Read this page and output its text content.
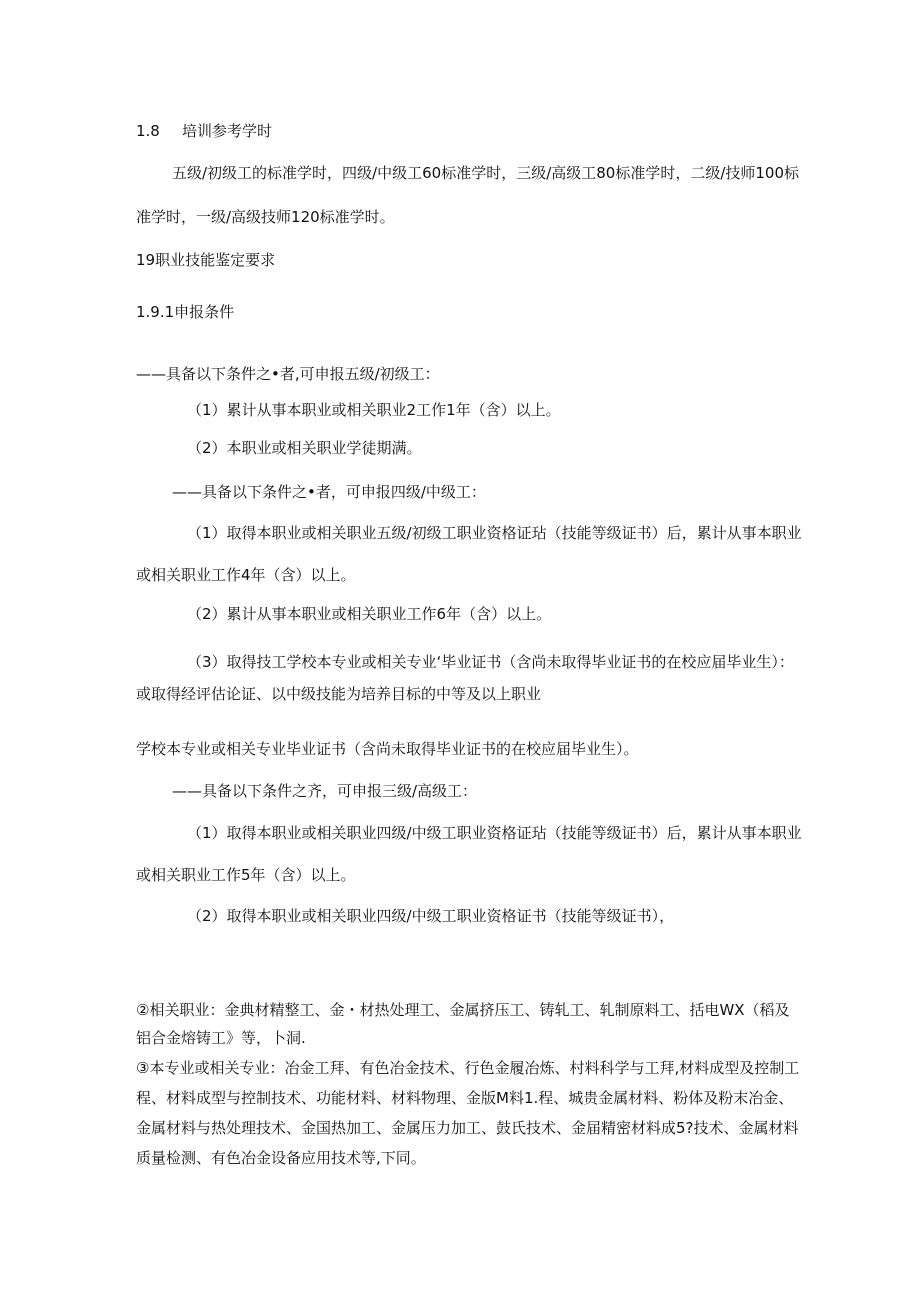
1.8 培训参考学时
五级/初级工的标准学时，四级/中级工60标准学时，三级/高级工80标准学时，二级/技师100标
准学时，一级/高级技师120标准学时。
19职业技能鉴定要求
1.9.1申报条件
——具备以下条件之•者,可申报五级/初级工：
（1）累计从事本职业或相关职业2工作1年（含）以上。
（2）本职业或相关职业学徒期满。
——具备以下条件之•者，可申报四级/中级工：
（1）取得本职业或相关职业五级/初级工职业资格证玷（技能等级证书）后，累计从事本职业
或相关职业工作4年（含）以上。
（2）累计从事本职业或相关职业工作6年（含）以上。
（3）取得技工学校本专业或相关专业‘毕业证书（含尚未取得毕业证书的在校应届毕业生）：
或取得经评估论证、以中级技能为培养目标的中等及以上职业
学校本专业或相关专业毕业证书（含尚未取得毕业证书的在校应届毕业生）。
——具备以下条件之齐，可申报三级/高级工：
（1）取得本职业或相关职业四级/中级工职业资格证玷（技能等级证书）后，累计从事本职业
或相关职业工作5年（含）以上。
（2）取得本职业或相关职业四级/中级工职业资格证书（技能等级证书），
②相关职业：金典材精整工、金・材热处理工、金属挤压工、铸轧工、轧制原料工、括电WX（稻及
铝合金熔铸工》等，卜洞.
③本专业或相关专业：冶金工拜、有色冶金技术、行色金履冶炼、村料科学与工拜,材料成型及控制工
程、材料成型与控制技术、功能材料、材料物理、金版M料1.程、城贵金属材料、粉体及粉末冶金、
金属材料与热处理技术、金国热加工、金属压力加工、鼓氏技术、金届精密材料成5?技术、金属材料
质量检测、有色冶金设备应用技术等,下同。
